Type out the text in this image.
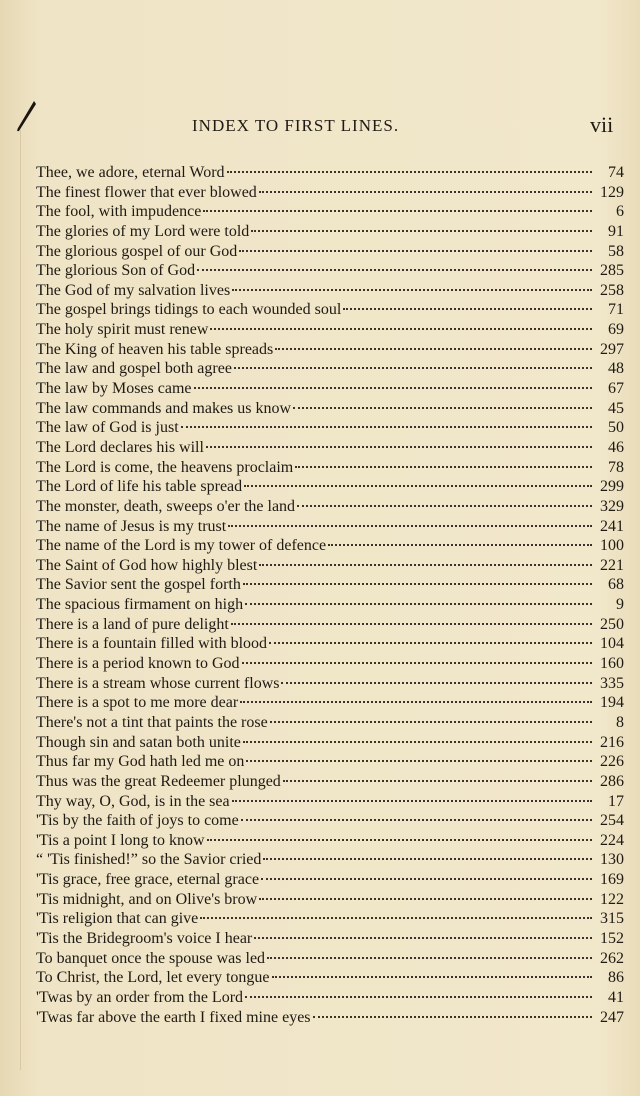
INDEX TO FIRST LINES.	vii
Thee, we adore, eternal Word	74
The finest flower that ever blowed	129
The fool, with impudence	6
The glories of my Lord were told	91
The glorious gospel of our God	58
The glorious Son of God	285
The God of my salvation lives	258
The gospel brings tidings to each wounded soul	71
The holy spirit must renew	69
The King of heaven his table spreads	297
The law and gospel both agree	48
The law by Moses came	67
The law commands and makes us know	45
The law of God is just	50
The Lord declares his will	46
The Lord is come, the heavens proclaim	78
The Lord of life his table spread	299
The monster, death, sweeps o'er the land	329
The name of Jesus is my trust	241
The name of the Lord is my tower of defence	100
The Saint of God how highly blest	221
The Savior sent the gospel forth	68
The spacious firmament on high	9
There is a land of pure delight	250
There is a fountain filled with blood	104
There is a period known to God	160
There is a stream whose current flows	335
There is a spot to me more dear	194
There's not a tint that paints the rose	8
Though sin and satan both unite	216
Thus far my God hath led me on	226
Thus was the great Redeemer plunged	286
Thy way, O, God, is in the sea	17
'Tis by the faith of joys to come	254
'Tis a point I long to know	224
“ 'Tis finished!” so the Savior cried	130
'Tis grace, free grace, eternal grace	169
'Tis midnight, and on Olive's brow	122
'Tis religion that can give	315
'Tis the Bridegroom's voice I hear	152
To banquet once the spouse was led	262
To Christ, the Lord, let every tongue	86
'Twas by an order from the Lord	41
'Twas far above the earth I fixed mine eyes	247
